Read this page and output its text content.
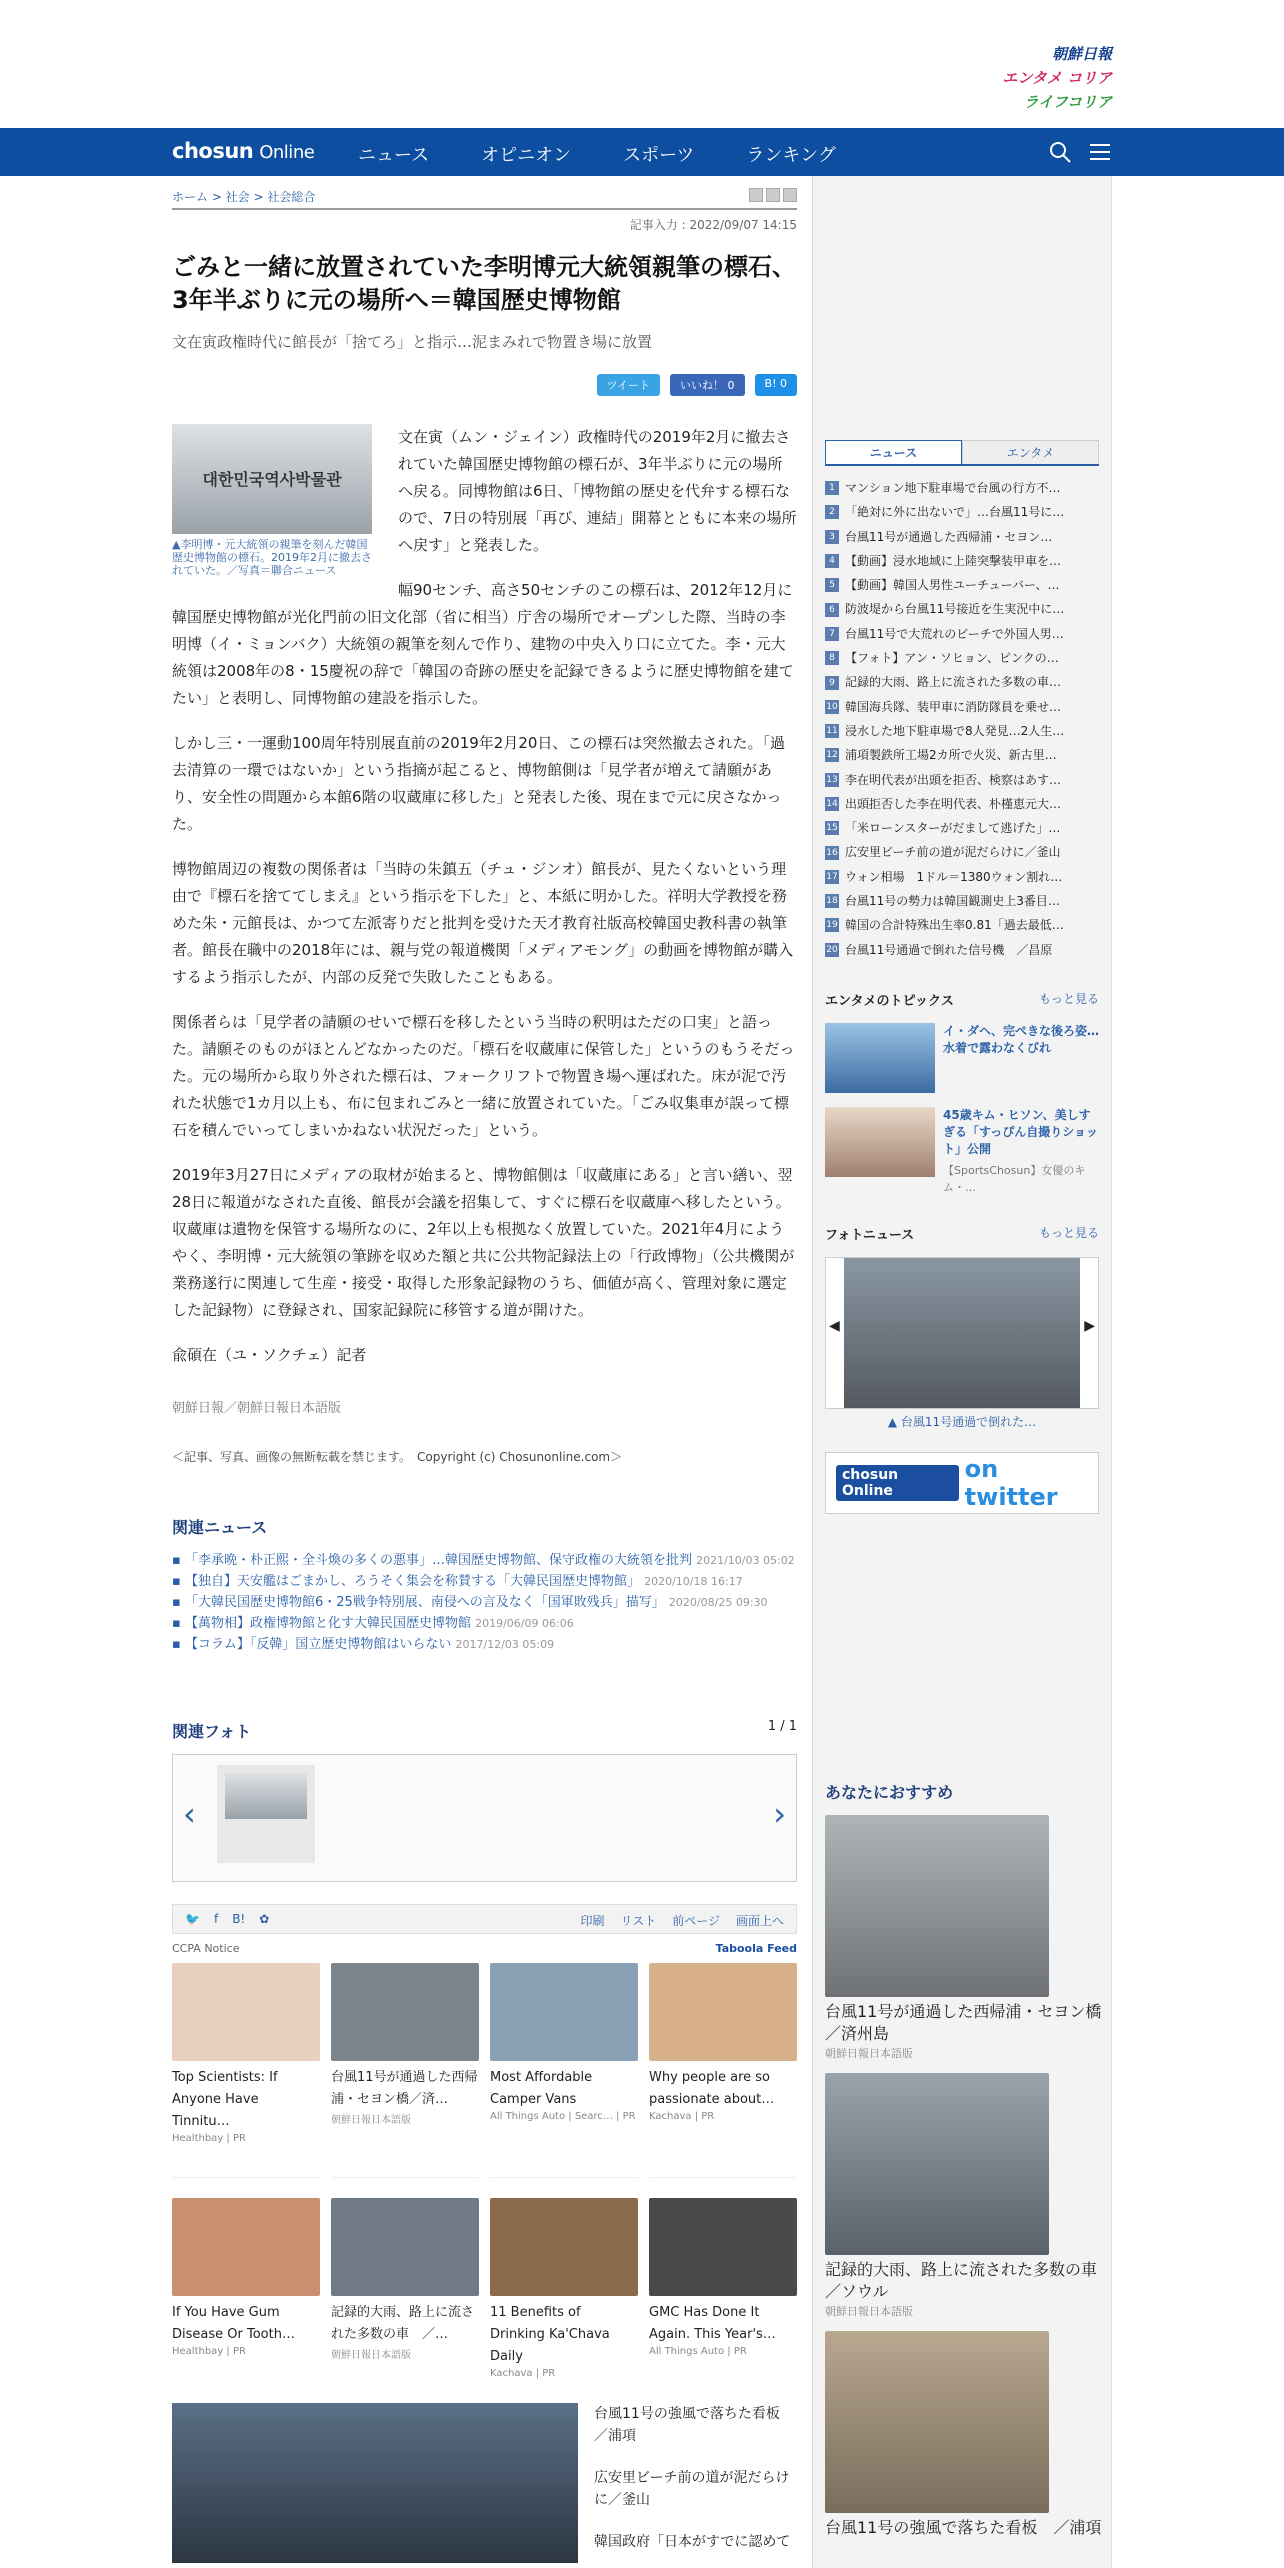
朝鮮日報
エンタメ コリア
ライフコリア
chosun Online ニュース	オピニオン	スポーツ	ランキング
ホーム > 社会 > 社会総合
記事入力 : 2022/09/07 14:15
ごみと一緒に放置されていた李明博元大統領親筆の標石、3年半ぶりに元の場所へ＝韓国歴史博物館
文在寅政権時代に館長が「捨てろ」と指示…泥まみれで物置き場に放置
ツイート	いいね！ 0	B! 0
대한민국역사박물관
▲李明博・元大統領の親筆を刻んだ韓国歴史博物館の標石。2019年2月に撤去されていた。／写真＝聯合ニュース

文在寅（ムン・ジェイン）政権時代の2019年2月に撤去されていた韓国歴史博物館の標石が、3年半ぶりに元の場所へ戻る。同博物館は6日、「博物館の歴史を代弁する標石なので、7日の特別展「再び、連結」開幕とともに本来の場所へ戻す」と発表した。

幅90センチ、高さ50センチのこの標石は、2012年12月に韓国歴史博物館が光化門前の旧文化部（省に相当）庁舎の場所でオープンした際、当時の李明博（イ・ミョンバク）大統領の親筆を刻んで作り、建物の中央入り口に立てた。李・元大統領は2008年の8・15慶祝の辞で「韓国の奇跡の歴史を記録できるように歴史博物館を建てたい」と表明し、同博物館の建設を指示した。

しかし三・一運動100周年特別展直前の2019年2月20日、この標石は突然撤去された。「過去清算の一環ではないか」という指摘が起こると、博物館側は「見学者が増えて請願があり、安全性の問題から本館6階の収蔵庫に移した」と発表した後、現在まで元に戻さなかった。

博物館周辺の複数の関係者は「当時の朱鎮五（チュ・ジンオ）館長が、見たくないという理由で『標石を捨ててしまえ』という指示を下した」と、本紙に明かした。祥明大学教授を務めた朱・元館長は、かつて左派寄りだと批判を受けた天才教育社版高校韓国史教科書の執筆者。館長在職中の2018年には、親与党の報道機関「メディアモング」の動画を博物館が購入するよう指示したが、内部の反発で失敗したこともある。

関係者らは「見学者の請願のせいで標石を移したという当時の釈明はただの口実」と語った。請願そのものがほとんどなかったのだ。「標石を収蔵庫に保管した」というのもうそだった。元の場所から取り外された標石は、フォークリフトで物置き場へ運ばれた。床が泥で汚れた状態で1カ月以上も、布に包まれごみと一緒に放置されていた。「ごみ収集車が誤って標石を積んでいってしまいかねない状況だった」という。

2019年3月27日にメディアの取材が始まると、博物館側は「収蔵庫にある」と言い繕い、翌28日に報道がなされた直後、館長が会議を招集して、すぐに標石を収蔵庫へ移したという。収蔵庫は遺物を保管する場所なのに、2年以上も根拠なく放置していた。2021年4月にようやく、李明博・元大統領の筆跡を収めた額と共に公共物記録法上の「行政博物」（公共機関が業務遂行に関連して生産・接受・取得した形象記録物のうち、価値が高く、管理対象に選定した記録物）に登録され、国家記録院に移管する道が開けた。

兪碩在（ユ・ソクチェ）記者
朝鮮日報／朝鮮日報日本語版
＜記事、写真、画像の無断転載を禁じます。　Copyright (c) Chosunonline.com＞
関連ニュース
▪ 「李承晩・朴正熙・全斗煥の多くの悪事」…韓国歴史博物館、保守政権の大統領を批判 2021/10/03 05:02
▪ 【独自】天安艦はごまかし、ろうそく集会を称賛する「大韓民国歴史博物館」 2020/10/18 16:17
▪ 「大韓民国歴史博物館6・25戦争特別展、南侵への言及なく「国軍敗残兵」描写」 2020/08/25 09:30
▪ 【萬物相】政権博物館と化す大韓民国歴史博物館 2019/06/09 06:06
▪ 【コラム】「反韓」国立歴史博物館はいらない 2017/12/03 05:09
関連フォト	1 / 1
‹	›
🐦 f B! ✿	印刷 リスト 前ページ 画面上へ
CCPA Notice	Taboola Feed
Top Scientists: If Anyone Have Tinnitu…
Healthbay | PR
台風11号が通過した西帰浦・セヨン橋／済…
朝鮮日報日本語版
Most Affordable Camper Vans
All Things Auto | Searc… | PR
Why people are so passionate about…
Kachava | PR
If You Have Gum Disease Or Tooth…
Healthbay | PR
記録的大雨、路上に流された多数の車　／…
朝鮮日報日本語版
11 Benefits of Drinking Ka'Chava Daily
Kachava | PR
GMC Has Done It Again. This Year's…
All Things Auto | PR
台風11号の強風で落ちた看板　／浦項
広安里ビーチ前の道が泥だらけに／釜山
韓国政府「日本がすでに認めて
ニュース	エンタメ
1 マンション地下駐車場で台風の行方不…
2 「絶対に外に出ないで」…台風11号に…
3 台風11号が通過した西帰浦・セヨン…
4 【動画】浸水地域に上陸突撃装甲車を…
5 【動画】韓国人男性ユーチューバー、…
6 防波堤から台風11号接近を生実況中に…
7 台風11号で大荒れのビーチで外国人男…
8 【フォト】アン・ソヒョン、ピンクの…
9 記録的大雨、路上に流された多数の車…
10 韓国海兵隊、装甲車に消防隊員を乗せ…
11 浸水した地下駐車場で8人発見…2人生…
12 浦項製鉄所工場2カ所で火災、新古里…
13 李在明代表が出頭を拒否、検察はあす…
14 出頭拒否した李在明代表、朴槿恵元大…
15 「米ローンスターがだまして逃げた」…
16 広安里ビーチ前の道が泥だらけに／釜山
17 ウォン相場　1ドル＝1380ウォン割れ…
18 台風11号の勢力は韓国観測史上3番目…
19 韓国の合計特殊出生率0.81「過去最低…
20 台風11号通過で倒れた信号機　／昌原
エンタメのトピックス	もっと見る
イ・ダヘ、完ぺきな後ろ姿…水着で露わなくびれ
45歳キム・ヒソン、美しすぎる「すっぴん自撮りショット」公開
【SportsChosun】女優のキム・…
フォトニュース	もっと見る
◀	▶
▲ 台風11号通過で倒れた…
chosun Online
on twitter
あなたにおすすめ
台風11号が通過した西帰浦・セヨン橋／済州島
朝鮮日報日本語版
記録的大雨、路上に流された多数の車　／ソウル
朝鮮日報日本語版
台風11号の強風で落ちた看板　／浦項
